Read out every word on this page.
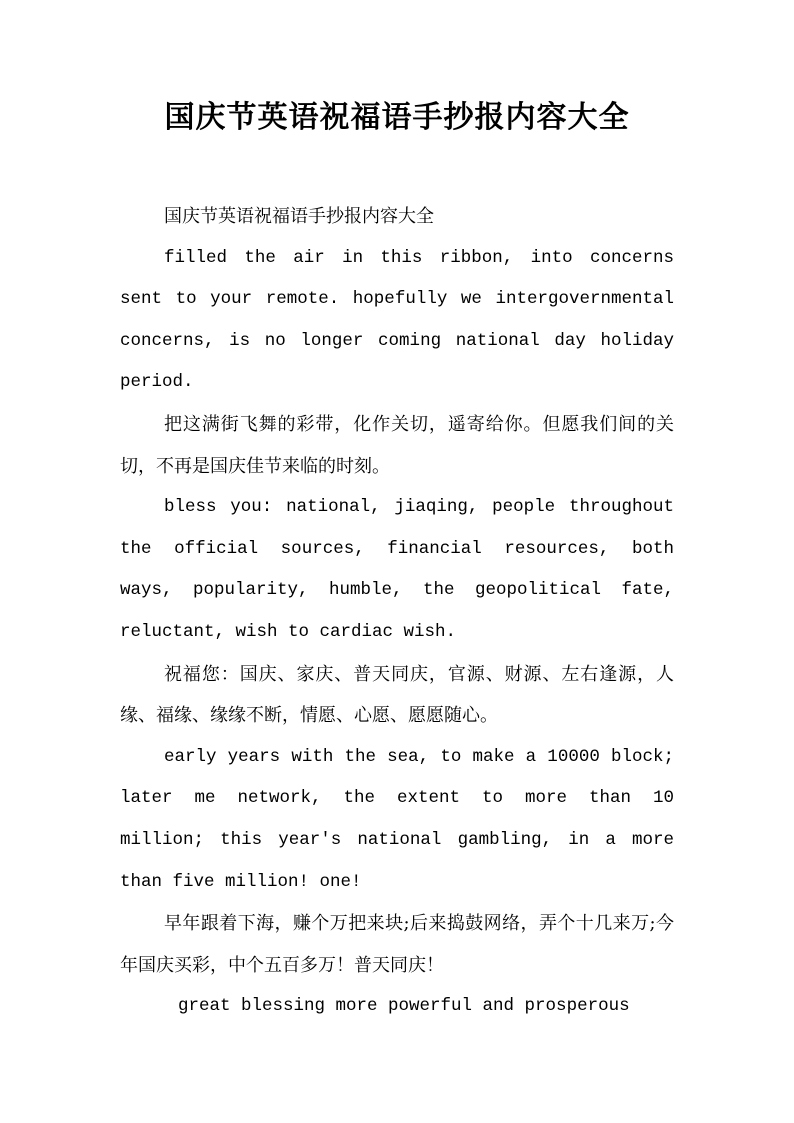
国庆节英语祝福语手抄报内容大全

国庆节英语祝福语手抄报内容大全

filled the air in this ribbon, into concerns sent to your remote. hopefully we intergovernmental concerns, is no longer coming national day holiday period.

把这满街飞舞的彩带，化作关切，遥寄给你。但愿我们间的关切，不再是国庆佳节来临的时刻。

bless you: national, jiaqing, people throughout the official sources, financial resources, both ways, popularity, humble, the geopolitical fate, reluctant, wish to cardiac wish.

祝福您：国庆、家庆、普天同庆，官源、财源、左右逢源，人缘、福缘、缘缘不断，情愿、心愿、愿愿随心。

early years with the sea, to make a 10000 block; later me network, the extent to more than 10 million; this year's national gambling, in a more than five million! one!

早年跟着下海，赚个万把来块;后来捣鼓网络，弄个十几来万;今年国庆买彩，中个五百多万！普天同庆！

great blessing more powerful and prosperous
